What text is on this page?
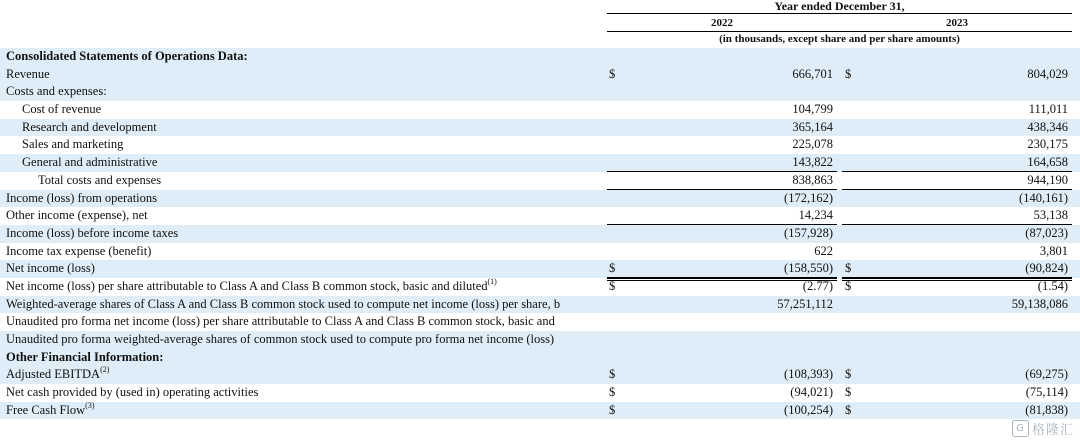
Year ended December 31,
2022	2023
(in thousands, except share and per share amounts)
Consolidated Statements of Operations Data:
Revenue	$	666,701 $	804,029
Costs and expenses:
Cost of revenue	104,799	111,011
Research and development	365,164	438,346
Sales and marketing	225,078	230,175
General and administrative	143,822	164,658
Total costs and expenses	838,863	944,190
Income (loss) from operations	(172,162)	(140,161)
Other income (expense), net	14,234	53,138
Income (loss) before income taxes	(157,928)	(87,023)
Income tax expense (benefit)	622	3,801
Net income (loss)	$	(158,550) $	(90,824)
Net income (loss) per share attributable to Class A and Class B common stock, basic and diluted$^{(1)}$	$	(2.77) $	(1.54)
Weighted-average shares of Class A and Class B common stock used to compute net income (loss) per share, b	57,251,112	59,138,086
Unaudited pro forma net income (loss) per share attributable to Class A and Class B common stock, basic and
Unaudited pro forma weighted-average shares of common stock used to compute pro forma net income (loss)
Other Financial Information:
Adjusted EBITDA$^{(2)}$	$	(108,393) $	(69,275)
Net cash provided by (used in) operating activities	$	(94,021) $	(75,114)
Free Cash Flow$^{(3)}$	$	(100,254) $	(81,838)
G 格隆汇
